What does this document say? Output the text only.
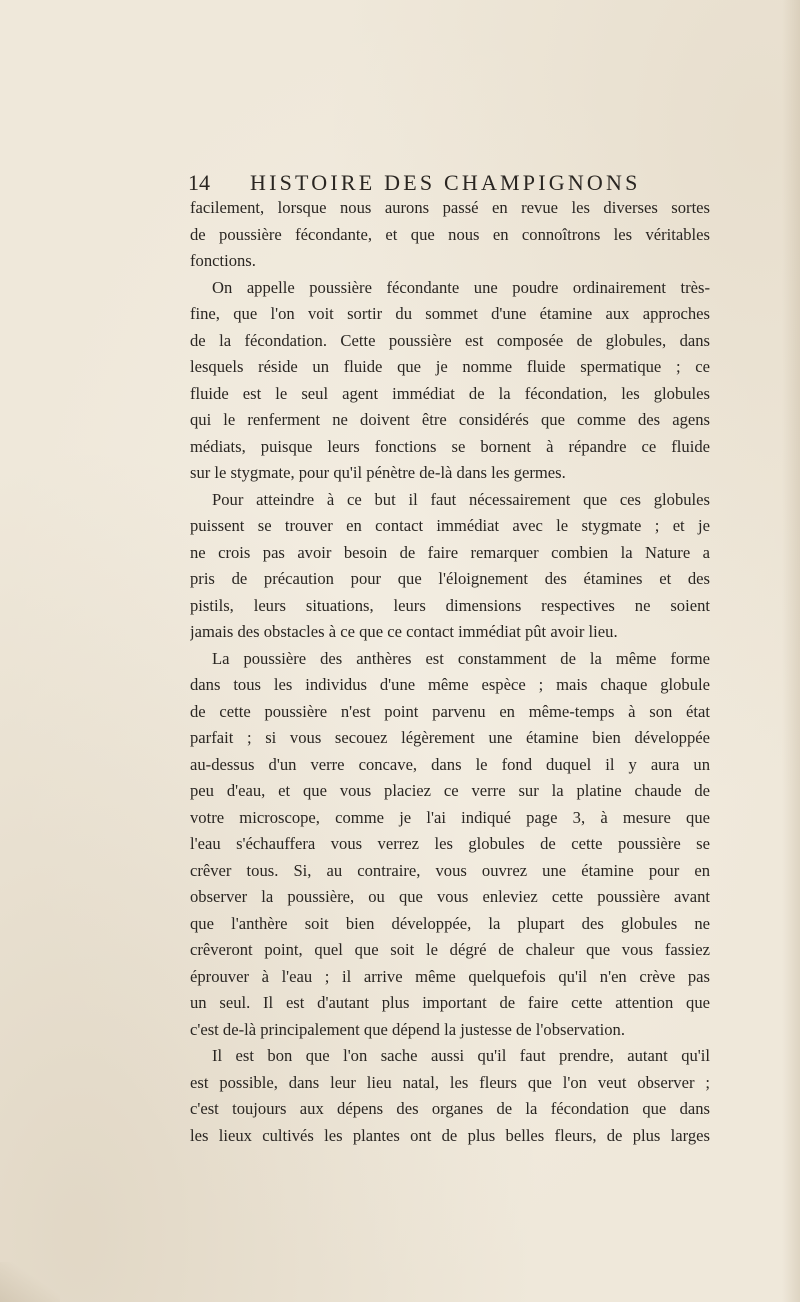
14 HISTOIRE DES CHAMPIGNONS
facilement, lorsque nous aurons passé en revue les diverses sortes
de poussière fécondante, et que nous en connoîtrons les véritables
fonctions.
On appelle poussière fécondante une poudre ordinairement très-
fine, que l'on voit sortir du sommet d'une étamine aux approches
de la fécondation. Cette poussière est composée de globules, dans
lesquels réside un fluide que je nomme fluide spermatique ; ce
fluide est le seul agent immédiat de la fécondation, les globules
qui le renferment ne doivent être considérés que comme des agens
médiats, puisque leurs fonctions se bornent à répandre ce fluide
sur le stygmate, pour qu'il pénètre de-là dans les germes.
Pour atteindre à ce but il faut nécessairement que ces globules
puissent se trouver en contact immédiat avec le stygmate ; et je
ne crois pas avoir besoin de faire remarquer combien la Nature a
pris de précaution pour que l'éloignement des étamines et des
pistils, leurs situations, leurs dimensions respectives ne soient
jamais des obstacles à ce que ce contact immédiat pût avoir lieu.
La poussière des anthères est constamment de la même forme
dans tous les individus d'une même espèce ; mais chaque globule
de cette poussière n'est point parvenu en même-temps à son état
parfait ; si vous secouez légèrement une étamine bien développée
au-dessus d'un verre concave, dans le fond duquel il y aura un
peu d'eau, et que vous placiez ce verre sur la platine chaude de
votre microscope, comme je l'ai indiqué page 3, à mesure que
l'eau s'échauffera vous verrez les globules de cette poussière se
crêver tous. Si, au contraire, vous ouvrez une étamine pour en
observer la poussière, ou que vous enleviez cette poussière avant
que l'anthère soit bien développée, la plupart des globules ne
crêveront point, quel que soit le dégré de chaleur que vous fassiez
éprouver à l'eau ; il arrive même quelquefois qu'il n'en crève pas
un seul. Il est d'autant plus important de faire cette attention que
c'est de-là principalement que dépend la justesse de l'observation.
Il est bon que l'on sache aussi qu'il faut prendre, autant qu'il
est possible, dans leur lieu natal, les fleurs que l'on veut observer ;
c'est toujours aux dépens des organes de la fécondation que dans
les lieux cultivés les plantes ont de plus belles fleurs, de plus larges
